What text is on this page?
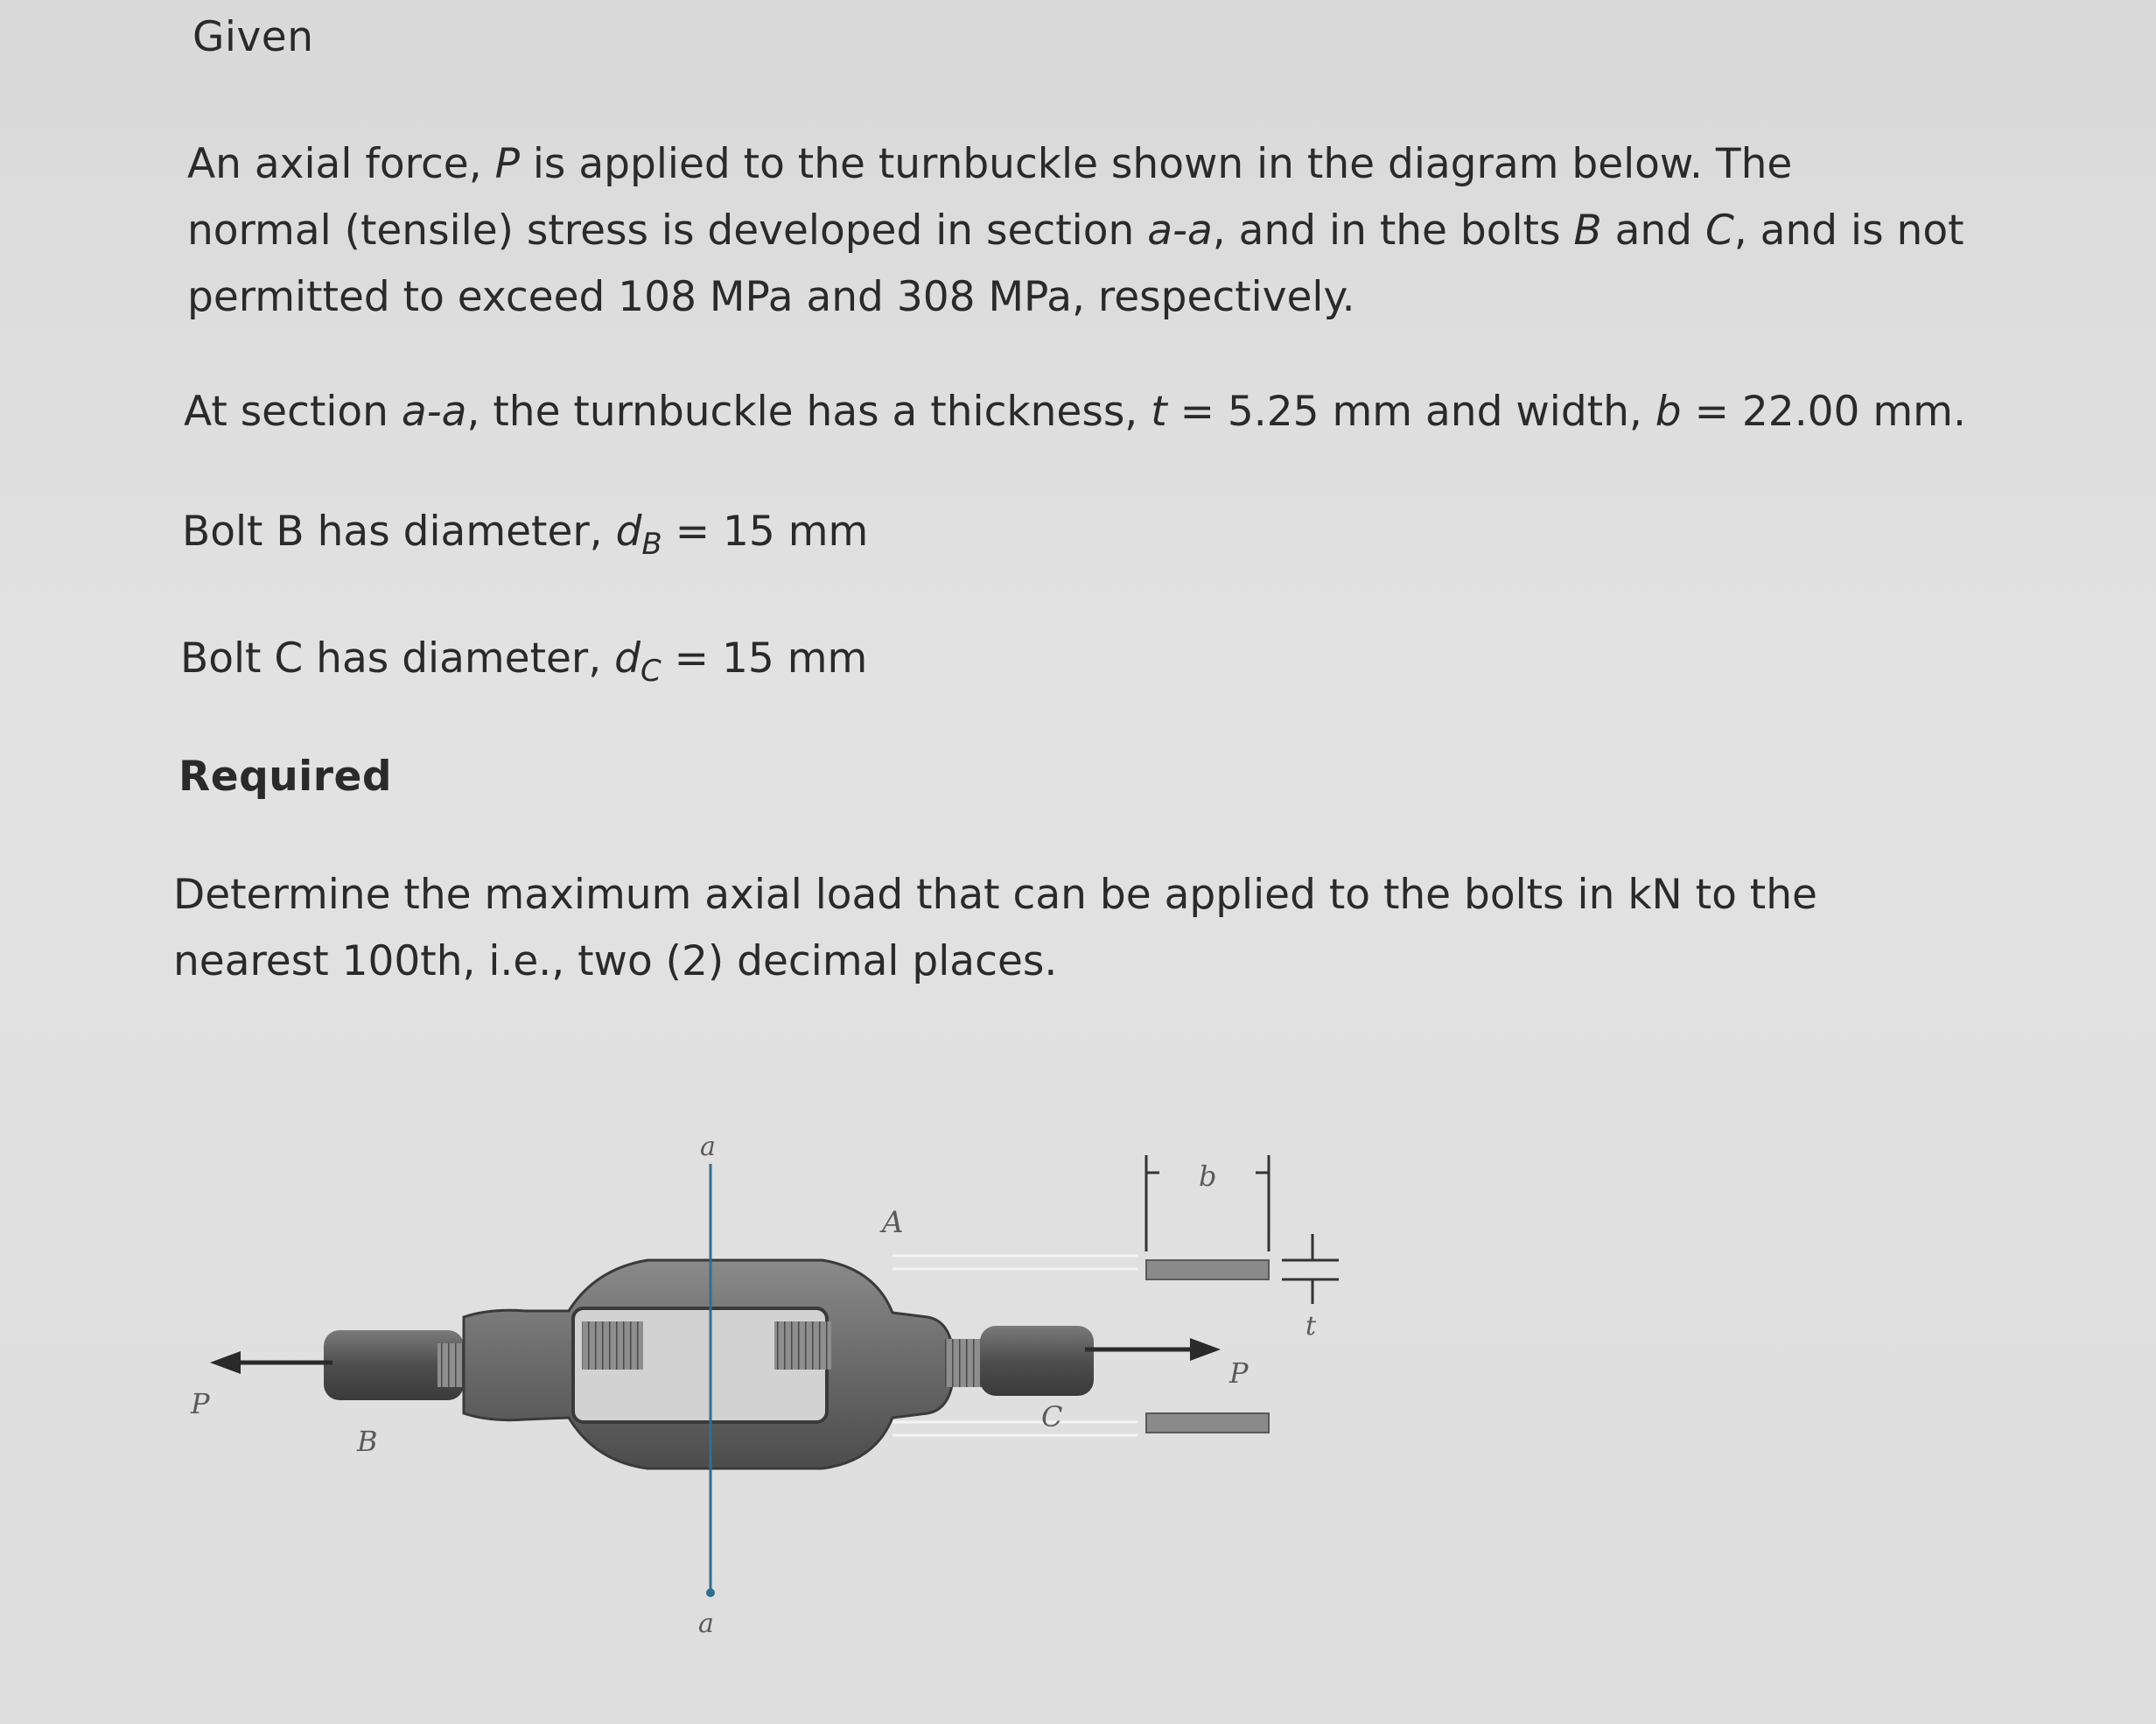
Given

An axial force, P is applied to the turnbuckle shown in the diagram below. The
normal (tensile) stress is developed in section a-a, and in the bolts B and C, and is not
permitted to exceed 108 MPa and 308 MPa, respectively.

At section a-a, the turnbuckle has a thickness, t = 5.25 mm and width, b = 22.00 mm.

Bolt B has diameter, $d_B = 15$ mm

Bolt C has diameter, $d_C = 15$ mm

Required

Determine the maximum axial load that can be applied to the bolts in kN to the
nearest 100th, i.e., two (2) decimal places.

a
a
A
b
t
P
P
B
C
